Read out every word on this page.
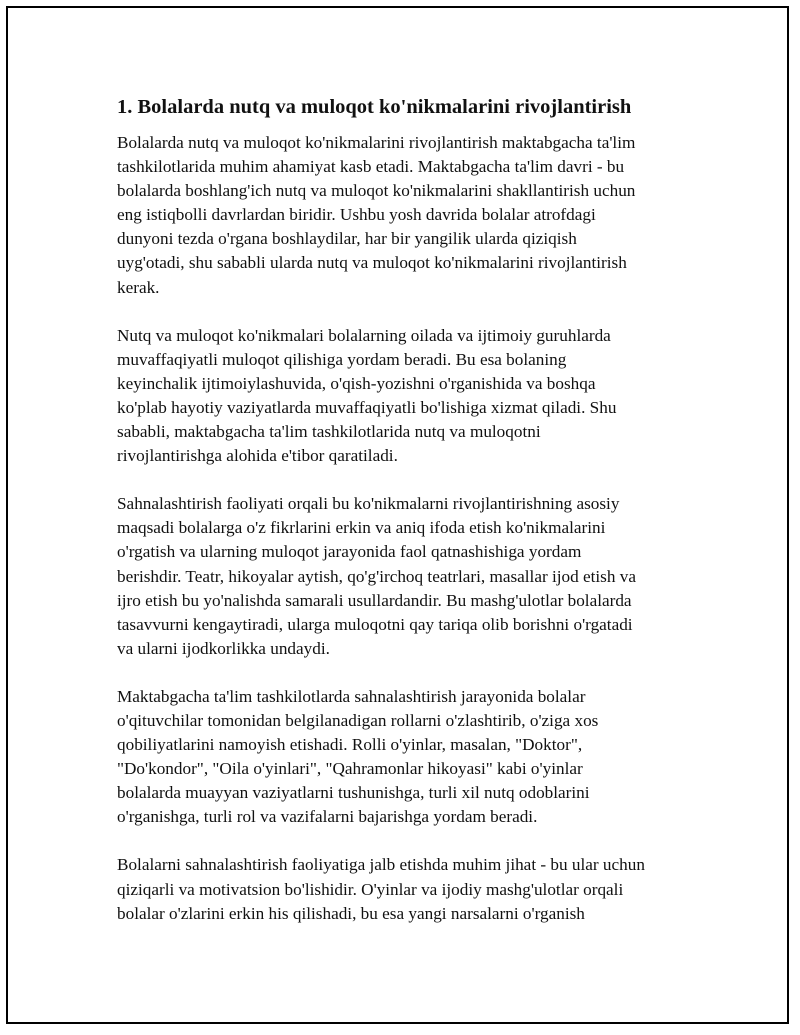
1. Bolalarda nutq va muloqot ko'nikmalarini rivojlantirish

Bolalarda nutq va muloqot ko'nikmalarini rivojlantirish maktabgacha ta'lim
tashkilotlarida muhim ahamiyat kasb etadi. Maktabgacha ta'lim davri - bu
bolalarda boshlang'ich nutq va muloqot ko'nikmalarini shakllantirish uchun
eng istiqbolli davrlardan biridir. Ushbu yosh davrida bolalar atrofdagi
dunyoni tezda o'rgana boshlaydilar, har bir yangilik ularda qiziqish
uyg'otadi, shu sababli ularda nutq va muloqot ko'nikmalarini rivojlantirish
kerak.

Nutq va muloqot ko'nikmalari bolalarning oilada va ijtimoiy guruhlarda
muvaffaqiyatli muloqot qilishiga yordam beradi. Bu esa bolaning
keyinchalik ijtimoiylashuvida, o'qish-yozishni o'rganishida va boshqa
ko'plab hayotiy vaziyatlarda muvaffaqiyatli bo'lishiga xizmat qiladi. Shu
sababli, maktabgacha ta'lim tashkilotlarida nutq va muloqotni
rivojlantirishga alohida e'tibor qaratiladi.

Sahnalashtirish faoliyati orqali bu ko'nikmalarni rivojlantirishning asosiy
maqsadi bolalarga o'z fikrlarini erkin va aniq ifoda etish ko'nikmalarini
o'rgatish va ularning muloqot jarayonida faol qatnashishiga yordam
berishdir. Teatr, hikoyalar aytish, qo'g'irchoq teatrlari, masallar ijod etish va
ijro etish bu yo'nalishda samarali usullardandir. Bu mashg'ulotlar bolalarda
tasavvurni kengaytiradi, ularga muloqotni qay tariqa olib borishni o'rgatadi
va ularni ijodkorlikka undaydi.

Maktabgacha ta'lim tashkilotlarda sahnalashtirish jarayonida bolalar
o'qituvchilar tomonidan belgilanadigan rollarni o'zlashtirib, o'ziga xos
qobiliyatlarini namoyish etishadi. Rolli o'yinlar, masalan, "Doktor",
"Do'kondor", "Oila o'yinlari", "Qahramonlar hikoyasi" kabi o'yinlar
bolalarda muayyan vaziyatlarni tushunishga, turli xil nutq odoblarini
o'rganishga, turli rol va vazifalarni bajarishga yordam beradi.

Bolalarni sahnalashtirish faoliyatiga jalb etishda muhim jihat - bu ular uchun
qiziqarli va motivatsion bo'lishidir. O'yinlar va ijodiy mashg'ulotlar orqali
bolalar o'zlarini erkin his qilishadi, bu esa yangi narsalarni o'rganish
